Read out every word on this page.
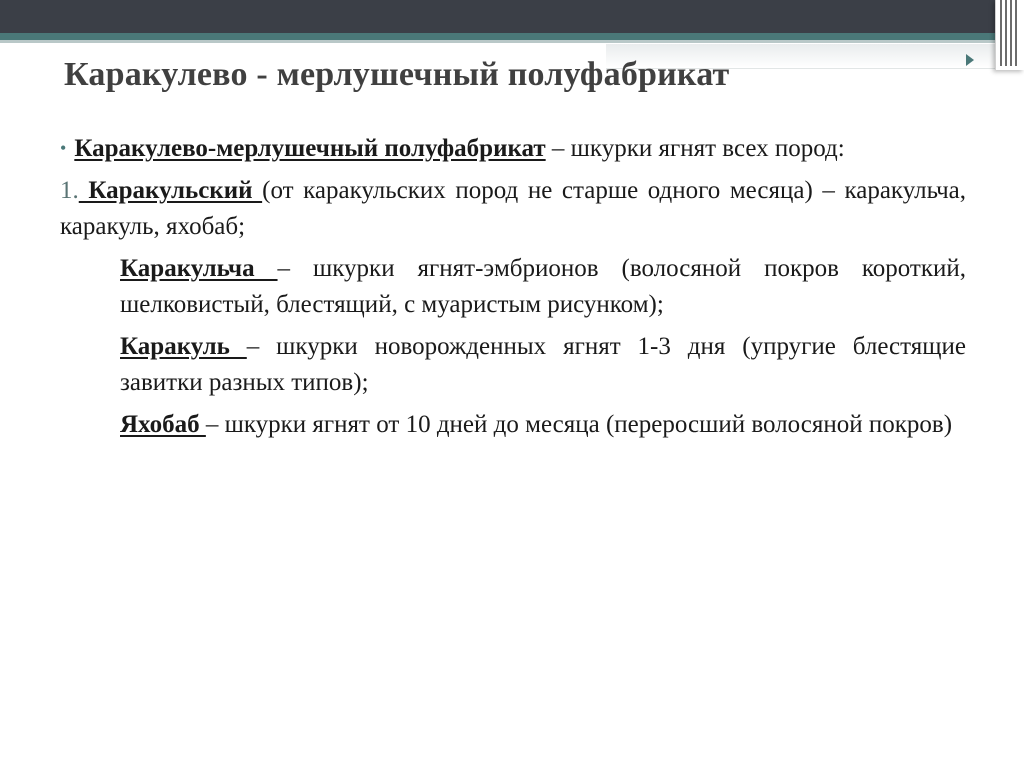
Каракулево - мерлушечный полуфабрикат

• Каракулево-мерлушечный полуфабрикат – шкурки ягнят всех пород:

1. Каракульский (от каракульских пород не старше одного месяца) – каракульча, каракуль, яхобаб;

Каракульча – шкурки ягнят-эмбрионов (волосяной покров короткий, шелковистый, блестящий, с муаристым рисунком);

Каракуль – шкурки новорожденных ягнят 1-3 дня (упругие блестящие завитки разных типов);

Яхобаб – шкурки ягнят от 10 дней до месяца (переросший волосяной покров)
